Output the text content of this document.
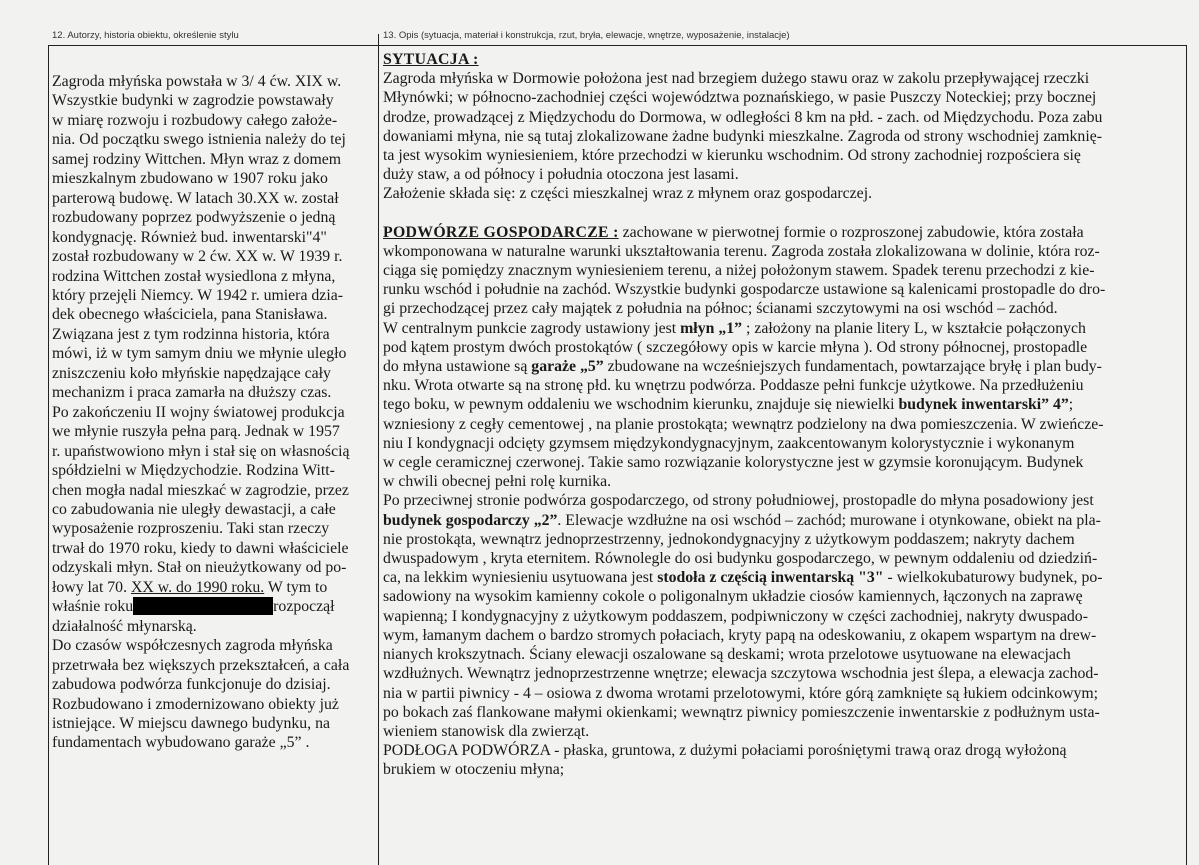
12. Autorzy, historia obiektu, określenie stylu	13. Opis (sytuacja, materiał i konstrukcja, rzut, bryła, elewacje, wnętrze, wyposażenie, instalacje)
Zagroda młyńska powstała w 3/ 4 ćw. XIX w.
Wszystkie budynki w zagrodzie powstawały
w miarę rozwoju i rozbudowy całego założe-
nia. Od początku swego istnienia należy do tej
samej rodziny Wittchen. Młyn wraz z domem
mieszkalnym zbudowano w 1907 roku jako
parterową budowę. W latach 30.XX w. został
rozbudowany poprzez podwyższenie o jedną
kondygnację. Również bud. inwentarski"4"
został rozbudowany w 2 ćw. XX w. W 1939 r.
rodzina Wittchen został wysiedlona z młyna,
który przejęli Niemcy. W 1942 r. umiera dzia-
dek obecnego właściciela, pana Stanisława.
Związana jest z tym rodzinna historia, która
mówi, iż w tym samym dniu we młynie uległo
zniszczeniu koło młyńskie napędzające cały
mechanizm i praca zamarła na dłuższy czas.
Po zakończeniu II wojny światowej produkcja
we młynie ruszyła pełna parą. Jednak w 1957
r. upaństwowiono młyn i stał się on własnością
spółdzielni w Międzychodzie. Rodzina Witt-
chen mogła nadal mieszkać w zagrodzie, przez
co zabudowania nie uległy dewastacji, a całe
wyposażenie rozproszeniu. Taki stan rzeczy
trwał do 1970 roku, kiedy to dawni właściciele
odzyskali młyn. Stał on nieużytkowany od po-
łowy lat 70. XX w. do 1990 roku. W tym to
właśnie roku	rozpoczął
działalność młynarską.
Do czasów współczesnych zagroda młyńska
przetrwała bez większych przekształceń, a cała
zabudowa podwórza funkcjonuje do dzisiaj.
Rozbudowano i zmodernizowano obiekty już
istniejące. W miejscu dawnego budynku, na
fundamentach wybudowano garaże „5” .
SYTUACJA :
Zagroda młyńska w Dormowie położona jest nad brzegiem dużego stawu oraz w zakolu przepływającej rzeczki
Młynówki; w północno-zachodniej części województwa poznańskiego, w pasie Puszczy Noteckiej; przy bocznej
drodze, prowadzącej z Międzychodu do Dormowa, w odległości 8 km na płd. - zach. od Międzychodu. Poza zabu
dowaniami młyna, nie są tutaj zlokalizowane żadne budynki mieszkalne. Zagroda od strony wschodniej zamknię-
ta jest wysokim wyniesieniem, które przechodzi w kierunku wschodnim. Od strony zachodniej rozpościera się
duży staw, a od północy i południa otoczona jest lasami.
Założenie składa się: z części mieszkalnej wraz z młynem oraz gospodarczej.
PODWÓRZE GOSPODARCZE : zachowane w pierwotnej formie o rozproszonej zabudowie, która została
wkomponowana w naturalne warunki ukształtowania terenu. Zagroda została zlokalizowana w dolinie, która roz-
ciąga się pomiędzy znacznym wyniesieniem terenu, a niżej położonym stawem. Spadek terenu przechodzi z kie-
runku wschód i południe na zachód. Wszystkie budynki gospodarcze ustawione są kalenicami prostopadle do dro-
gi przechodzącej przez cały majątek z południa na północ; ścianami szczytowymi na osi wschód – zachód.
W centralnym punkcie zagrody ustawiony jest młyn „1” ; założony na planie litery L, w kształcie połączonych
pod kątem prostym dwóch prostokątów ( szczegółowy opis w karcie młyna ). Od strony północnej, prostopadle
do młyna ustawione są garaże „5” zbudowane na wcześniejszych fundamentach, powtarzające bryłę i plan budy-
nku. Wrota otwarte są na stronę płd. ku wnętrzu podwórza. Poddasze pełni funkcje użytkowe. Na przedłużeniu
tego boku, w pewnym oddaleniu we wschodnim kierunku, znajduje się niewielki budynek inwentarski” 4”;
wzniesiony z cegły cementowej , na planie prostokąta; wewnątrz podzielony na dwa pomieszczenia. W zwieńcze-
niu I kondygnacji odcięty gzymsem międzykondygnacyjnym, zaakcentowanym kolorystycznie i wykonanym
w cegle ceramicznej czerwonej. Takie samo rozwiązanie kolorystyczne jest w gzymsie koronującym. Budynek
w chwili obecnej pełni rolę kurnika.
Po przeciwnej stronie podwórza gospodarczego, od strony południowej, prostopadle do młyna posadowiony jest
budynek gospodarczy „2”. Elewacje wzdłużne na osi wschód – zachód; murowane i otynkowane, obiekt na pla-
nie prostokąta, wewnątrz jednoprzestrzenny, jednokondygnacyjny z użytkowym poddaszem; nakryty dachem
dwuspadowym , kryta eternitem. Równolegle do osi budynku gospodarczego, w pewnym oddaleniu od dziedziń-
ca, na lekkim wyniesieniu usytuowana jest stodoła z częścią inwentarską "3" - wielkokubaturowy budynek, po-
sadowiony na wysokim kamienny cokole o poligonalnym układzie ciosów kamiennych, łączonych na zaprawę
wapienną; I kondygnacyjny z użytkowym poddaszem, podpiwniczony w części zachodniej, nakryty dwuspado-
wym, łamanym dachem o bardzo stromych połaciach, kryty papą na odeskowaniu, z okapem wspartym na drew-
nianych krokszytnach. Ściany elewacji oszalowane są deskami; wrota przelotowe usytuowane na elewacjach
wzdłużnych. Wewnątrz jednoprzestrzenne wnętrze; elewacja szczytowa wschodnia jest ślepa, a elewacja zachod-
nia w partii piwnicy - 4 – osiowa z dwoma wrotami przelotowymi, które górą zamknięte są łukiem odcinkowym;
po bokach zaś flankowane małymi okienkami; wewnątrz piwnicy pomieszczenie inwentarskie z podłużnym usta-
wieniem stanowisk dla zwierząt.
PODŁOGA PODWÓRZA - płaska, gruntowa, z dużymi połaciami porośniętymi trawą oraz drogą wyłożoną
brukiem w otoczeniu młyna;
